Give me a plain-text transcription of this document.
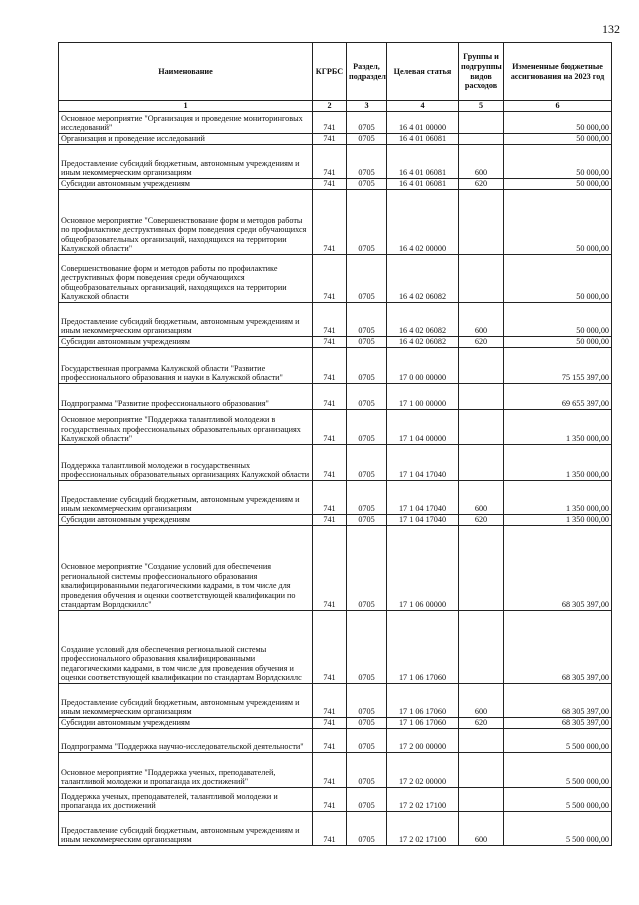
132
Наименование	КГРБС	Раздел, подраздел	Целевая статья	Группы и подгруппы видов расходов	Измененные бюджетные ассигнования на 2023 год
1	2	3	4	5	6
Основное мероприятие "Организация и проведение мониторинговых исследований"	741	0705	16 4 01 00000		50 000,00
Организация и проведение исследований	741	0705	16 4 01 06081		50 000,00
Предоставление субсидий бюджетным, автономным учреждениям и иным некоммерческим организациям	741	0705	16 4 01 06081	600	50 000,00
Субсидии автономным учреждениям	741	0705	16 4 01 06081	620	50 000,00
Основное мероприятие "Совершенствование форм и методов работы по профилактике деструктивных форм поведения среди обучающихся общеобразовательных организаций, находящихся на территории Калужской области"	741	0705	16 4 02 00000		50 000,00
Совершенствование форм и методов работы по профилактике деструктивных форм поведения среди обучающихся общеобразовательных организаций, находящихся на территории Калужской области	741	0705	16 4 02 06082		50 000,00
Предоставление субсидий бюджетным, автономным учреждениям и иным некоммерческим организациям	741	0705	16 4 02 06082	600	50 000,00
Субсидии автономным учреждениям	741	0705	16 4 02 06082	620	50 000,00
Государственная программа Калужской области "Развитие профессионального образования и науки в Калужской области"	741	0705	17 0 00 00000		75 155 397,00
Подпрограмма "Развитие профессионального образования"	741	0705	17 1 00 00000		69 655 397,00
Основное мероприятие "Поддержка талантливой молодежи в государственных профессиональных образовательных организациях Калужской области"	741	0705	17 1 04 00000		1 350 000,00
Поддержка талантливой молодежи в государственных профессиональных образовательных организациях Калужской области	741	0705	17 1 04 17040		1 350 000,00
Предоставление субсидий бюджетным, автономным учреждениям и иным некоммерческим организациям	741	0705	17 1 04 17040	600	1 350 000,00
Субсидии автономным учреждениям	741	0705	17 1 04 17040	620	1 350 000,00
Основное мероприятие "Создание условий для обеспечения региональной системы профессионального образования квалифицированными педагогическими кадрами, в том числе для проведения обучения и оценки соответствующей квалификации по стандартам Ворлдскиллс"	741	0705	17 1 06 00000		68 305 397,00
Создание условий для обеспечения региональной системы профессионального образования квалифицированными педагогическими кадрами, в том числе для проведения обучения и оценки соответствующей квалификации по стандартам Ворлдскиллс	741	0705	17 1 06 17060		68 305 397,00
Предоставление субсидий бюджетным, автономным учреждениям и иным некоммерческим организациям	741	0705	17 1 06 17060	600	68 305 397,00
Субсидии автономным учреждениям	741	0705	17 1 06 17060	620	68 305 397,00
Подпрограмма "Поддержка научно-исследовательской деятельности"	741	0705	17 2 00 00000		5 500 000,00
Основное мероприятие "Поддержка ученых, преподавателей, талантливой молодежи и пропаганда их достижений"	741	0705	17 2 02 00000		5 500 000,00
Поддержка ученых, преподавателей, талантливой молодежи и пропаганда их достижений	741	0705	17 2 02 17100		5 500 000,00
Предоставление субсидий бюджетным, автономным учреждениям и иным некоммерческим организациям	741	0705	17 2 02 17100	600	5 500 000,00
